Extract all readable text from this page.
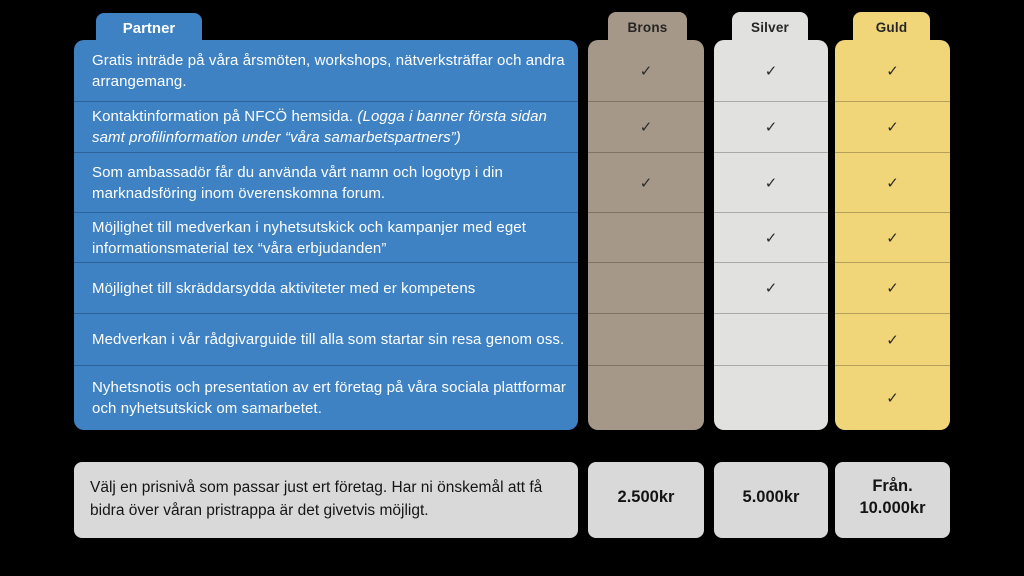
Partner

Gratis inträde på våra årsmöten, workshops, nätverksträffar och andra arrangemang.

Kontaktinformation på NFCÖ hemsida. (Logga i banner första sidan samt profilinformation under “våra samarbetspartners”)

Som ambassadör får du använda vårt namn och logotyp i din marknadsföring inom överenskomna forum.

Möjlighet till medverkan i nyhetsutskick och kampanjer med eget informationsmaterial tex “våra erbjudanden”

Möjlighet till skräddarsydda aktiviteter med er kompetens

Medverkan i vår rådgivarguide till alla som startar sin resa genom oss.

Nyhetsnotis och presentation av ert företag på våra sociala plattformar och nyhetsutskick om samarbetet.

Brons
✓
✓
✓
Silver
✓
✓
✓
✓
✓
Guld
✓
✓
✓
✓
✓
✓
✓

Välj en prisnivå som passar just ert företag. Har ni önskemål att få bidra över våran pristrappa är det givetvis möjligt.

2.500kr	5.000kr
Från.
10.000kr
